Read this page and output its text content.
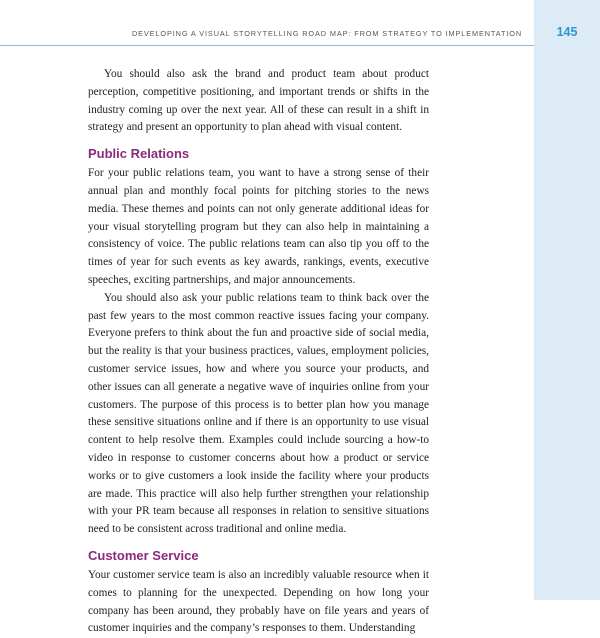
DEVELOPING A VISUAL STORYTELLING ROAD MAP: FROM STRATEGY TO IMPLEMENTATION	145

You should also ask the brand and product team about product perception, competitive positioning, and important trends or shifts in the industry coming up over the next year. All of these can result in a shift in strategy and present an opportunity to plan ahead with visual content.

Public Relations

For your public relations team, you want to have a strong sense of their annual plan and monthly focal points for pitching stories to the news media. These themes and points can not only generate additional ideas for your visual storytelling program but they can also help in maintaining a consistency of voice. The public relations team can also tip you off to the times of year for such events as key awards, rankings, events, executive speeches, exciting partnerships, and major announcements.

You should also ask your public relations team to think back over the past few years to the most common reactive issues facing your company. Everyone prefers to think about the fun and proactive side of social media, but the reality is that your business practices, values, employment policies, customer service issues, how and where you source your products, and other issues can all generate a negative wave of inquiries online from your customers. The purpose of this process is to better plan how you manage these sensitive situations online and if there is an opportunity to use visual content to help resolve them. Examples could include sourcing a how-to video in response to customer concerns about how a product or service works or to give customers a look inside the facility where your products are made. This practice will also help further strengthen your relationship with your PR team because all responses in relation to sensitive situations need to be consistent across traditional and online media.

Customer Service

Your customer service team is also an incredibly valuable resource when it comes to planning for the unexpected. Depending on how long your company has been around, they probably have on file years and years of customer inquiries and the company’s responses to them. Understanding
